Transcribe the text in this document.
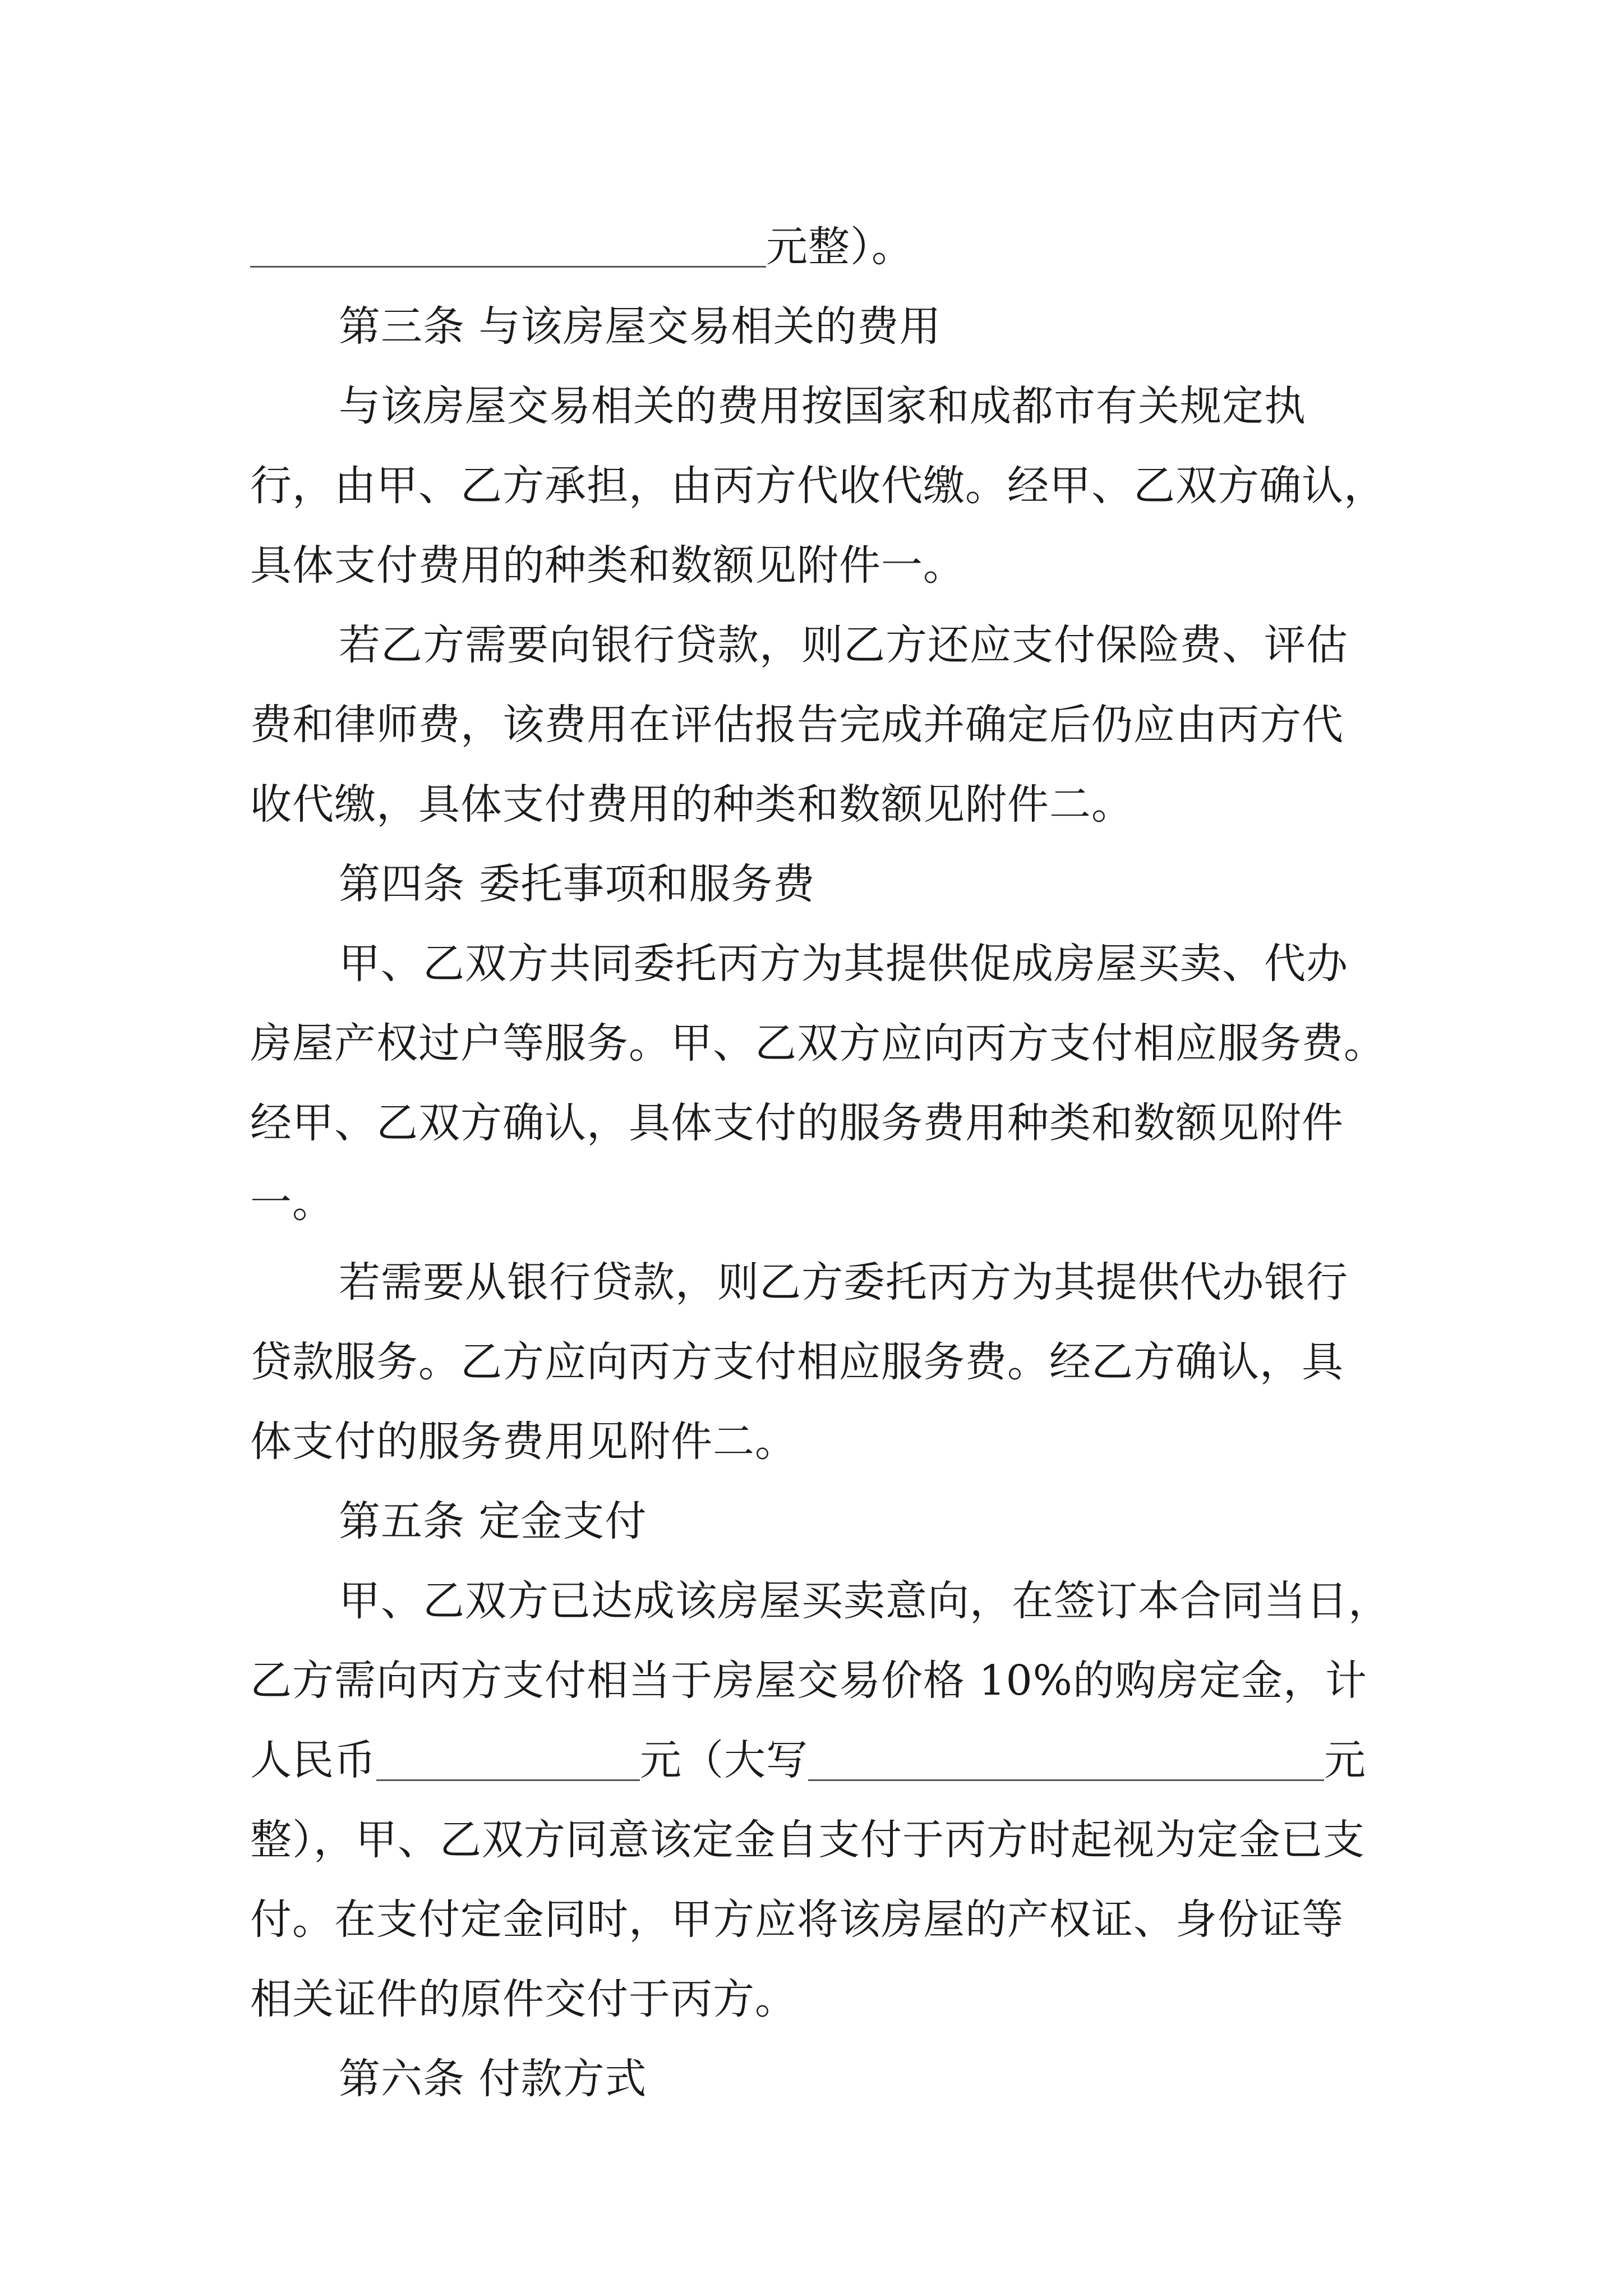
元整）。
第三条 与该房屋交易相关的费用
与该房屋交易相关的费用按国家和成都市有关规定执
行，由甲、乙方承担，由丙方代收代缴。经甲、乙双方确认，
具体支付费用的种类和数额见附件一。
若乙方需要向银行贷款，则乙方还应支付保险费、评估
费和律师费，该费用在评估报告完成并确定后仍应由丙方代
收代缴，具体支付费用的种类和数额见附件二。
第四条 委托事项和服务费
甲、乙双方共同委托丙方为其提供促成房屋买卖、代办
房屋产权过户等服务。甲、乙双方应向丙方支付相应服务费。
经甲、乙双方确认，具体支付的服务费用种类和数额见附件
一。
若需要从银行贷款，则乙方委托丙方为其提供代办银行
贷款服务。乙方应向丙方支付相应服务费。经乙方确认，具
体支付的服务费用见附件二。
第五条 定金支付
甲、乙双方已达成该房屋买卖意向，在签订本合同当日，
乙方需向丙方支付相当于房屋交易价格 10%的购房定金，计
人民币	元（大写	元
整），甲、乙双方同意该定金自支付于丙方时起视为定金已支
付。在支付定金同时，甲方应将该房屋的产权证、身份证等
相关证件的原件交付于丙方。
第六条 付款方式
